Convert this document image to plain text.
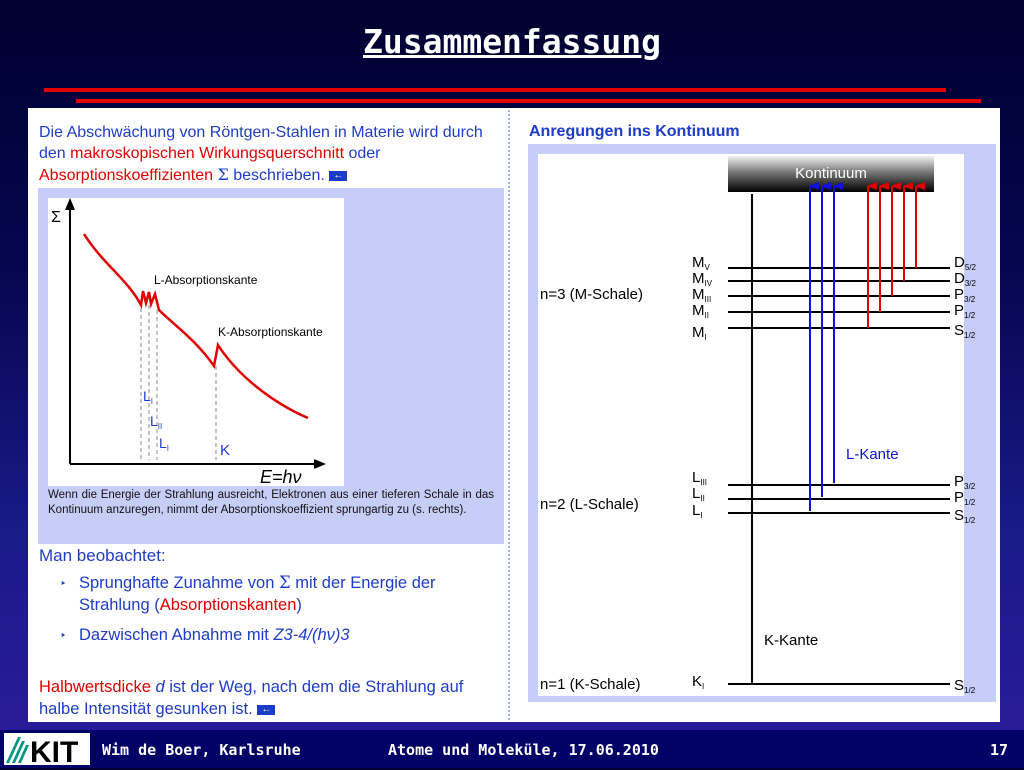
Zusammenfassung
Die Abschwächung von Röntgen-Stahlen in Materie wird durch den makroskopischen Wirkungsquerschnitt oder Absorptionskoeffizienten Σ beschrieben. ←
Σ
E=hν
L-Absorptionskante
K-Absorptionskante
$L_I$
$L_{II}$
$L_I$	K
Wenn die Energie der Strahlung ausreicht, Elektronen aus einer tieferen Schale in das Kontinuum anzuregen, nimmt der Absorptionskoeffizient sprungartig zu (s. rechts).
Man beobachtet:
‣ Sprunghafte Zunahme von Σ mit der Energie der Strahlung (Absorptionskanten)
‣ Dazwischen Abnahme mit Z3-4/(hν)3
Halbwertsdicke d ist der Weg, nach dem die Strahlung auf halbe Intensität gesunken ist. ←
Anregungen ins Kontinuum
Kontinuum
n=3 (M-Schale)
n=2 (L-Schale)
n=1 (K-Schale)
$M_V$
$M_{IV}$
$M_{III}$
$M_{II}$
$M_I$
$D_{5/2}$
$D_{3/2}$
$P_{3/2}$
$P_{1/2}$
$S_{1/2}$
$L_{III}$
$L_{II}$
$L_I$
$P_{3/2}$
$P_{1/2}$
$S_{1/2}$
$K_I$	$S_{1/2}$
L-Kante
K-Kante
KIT Wim de Boer, Karlsruhe	Atome und Moleküle, 17.06.2010	17
